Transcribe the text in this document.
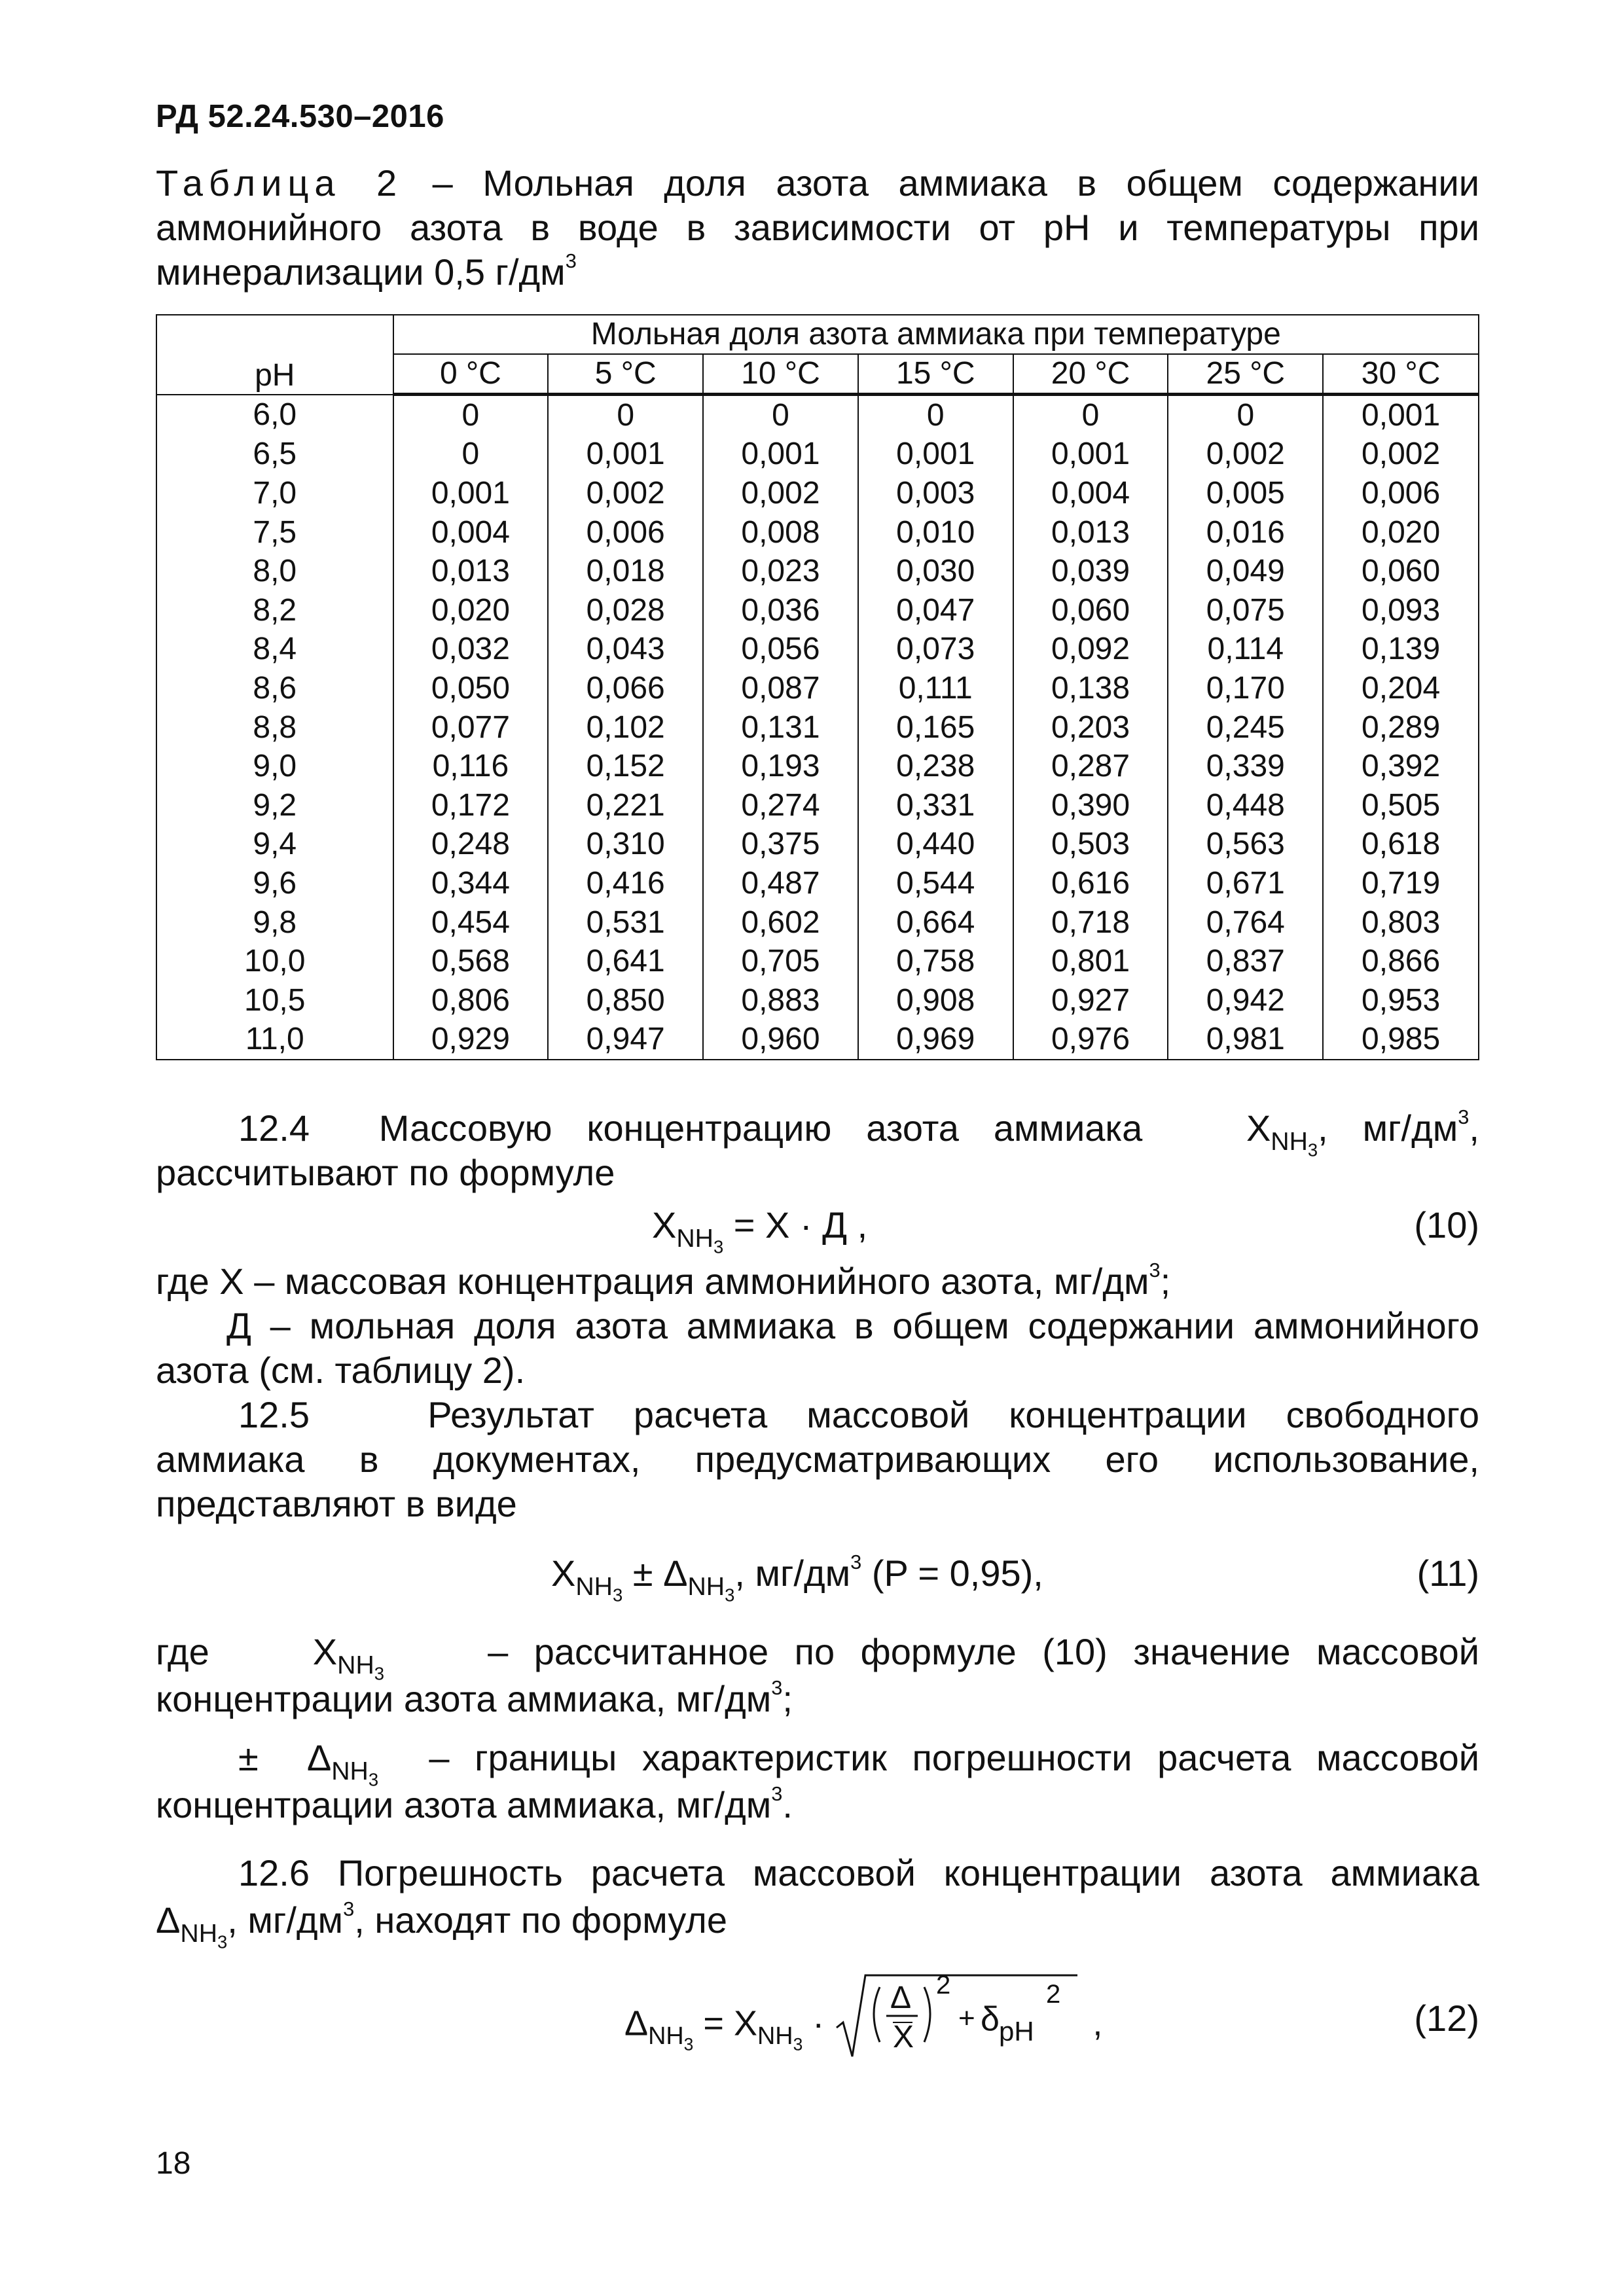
РД 52.24.530–2016
Таблица 2 – Мольная доля азота аммиака в общем содержании
аммонийного азота в воде в зависимости от pH и температуры при
минерализации 0,5 $г/дм^3$
pH	Мольная доля азота аммиака при температуре						
	0 °C	5 °C	10 °C	15 °C	20 °C	25 °C	30 °C
6,0	0	0	0	0	0	0	0,001
6,5	0	0,001	0,001	0,001	0,001	0,002	0,002
7,0	0,001	0,002	0,002	0,003	0,004	0,005	0,006
7,5	0,004	0,006	0,008	0,010	0,013	0,016	0,020
8,0	0,013	0,018	0,023	0,030	0,039	0,049	0,060
8,2	0,020	0,028	0,036	0,047	0,060	0,075	0,093
8,4	0,032	0,043	0,056	0,073	0,092	0,114	0,139
8,6	0,050	0,066	0,087	0,111	0,138	0,170	0,204
8,8	0,077	0,102	0,131	0,165	0,203	0,245	0,289
9,0	0,116	0,152	0,193	0,238	0,287	0,339	0,392
9,2	0,172	0,221	0,274	0,331	0,390	0,448	0,505
9,4	0,248	0,310	0,375	0,440	0,503	0,563	0,618
9,6	0,344	0,416	0,487	0,544	0,616	0,671	0,719
9,8	0,454	0,531	0,602	0,664	0,718	0,764	0,803
10,0	0,568	0,641	0,705	0,758	0,801	0,837	0,866
10,5	0,806	0,850	0,883	0,908	0,927	0,942	0,953
11,0	0,929	0,947	0,960	0,969	0,976	0,981	0,985

12.4 Массовую концентрацию азота аммиака	$X_{NH_3}$, $мг/дм^3$,

рассчитывают по формуле

$X_{NH_3} = X \cdot Д$ ,	(10)

где X – массовая концентрация аммонийного азота, $мг/дм^3$;

Д – мольная доля азота аммиака в общем содержании аммонийного

азота (см. таблицу 2).

12.5	Результат расчета массовой концентрации свободного

аммиака в документах, предусматривающих его использование,

представляют в виде

$X_{NH_3} \pm \Delta_{NH_3}$, $мг/дм^3$ (P = 0,95),	(11)

где	$X_{NH_3}$    – рассчитанное по формуле (10) значение массовой

концентрации азота аммиака, $мг/дм^3$;

± $\Delta_{NH_3}$  – границы характеристик погрешности расчета массовой

концентрации азота аммиака, $мг/дм^3$.

12.6 Погрешность расчета массовой концентрации азота аммиака

$\Delta_{NH_3}$, $мг/дм^3$, находят по формуле

$\Delta_{NH_3} = X_{NH_3}$ ·
Δ
X
2
+ δ pH
2
,	(12)
18
